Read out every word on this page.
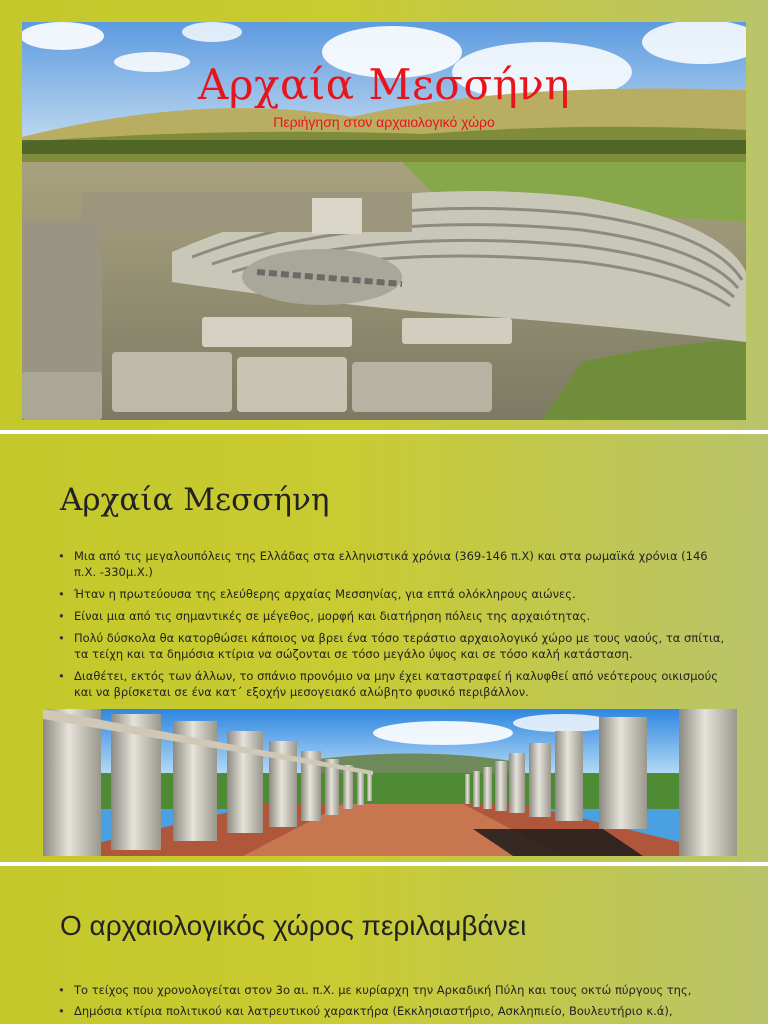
Αρχαία Μεσσήνη
Περιήγηση στον αρχαιολογικό χώρο
Αρχαία Μεσσήνη
• Μια από τις μεγαλουπόλεις της Ελλάδας στα ελληνιστικά χρόνια (369-146 π.Χ) και στα ρωμαϊκά χρόνια (146 π.Χ. -330μ.Χ.)
• Ήταν η πρωτεύουσα της ελεύθερης αρχαίας Μεσσηνίας, για επτά ολόκληρους αιώνες.
• Είναι μια από τις σημαντικές σε μέγεθος, μορφή και διατήρηση πόλεις της αρχαιότητας.
• Πολύ δύσκολα θα κατορθώσει κάποιος να βρει ένα τόσο τεράστιο αρχαιολογικό χώρο με τους ναούς, τα σπίτια, τα τείχη και τα δημόσια κτίρια να σώζονται σε τόσο μεγάλο ύψος και σε τόσο καλή κατάσταση.
• Διαθέτει, εκτός των άλλων, το σπάνιο προνόμιο να μην έχει καταστραφεί ή καλυφθεί από νεότερους οικισμούς και να βρίσκεται σε ένα κατ΄ εξοχήν μεσογειακό αλώβητο φυσικό περιβάλλον.
Ο αρχαιολογικός χώρος περιλαμβάνει
• Το τείχος που χρονολογείται στον 3ο αι. π.Χ. με κυρίαρχη την Αρκαδική Πύλη και τους οκτώ πύργους της,
• Δημόσια κτίρια πολιτικού και λατρευτικού χαρακτήρα (Εκκλησιαστήριο, Ασκληπιείο, Βουλευτήριο κ.ά),
